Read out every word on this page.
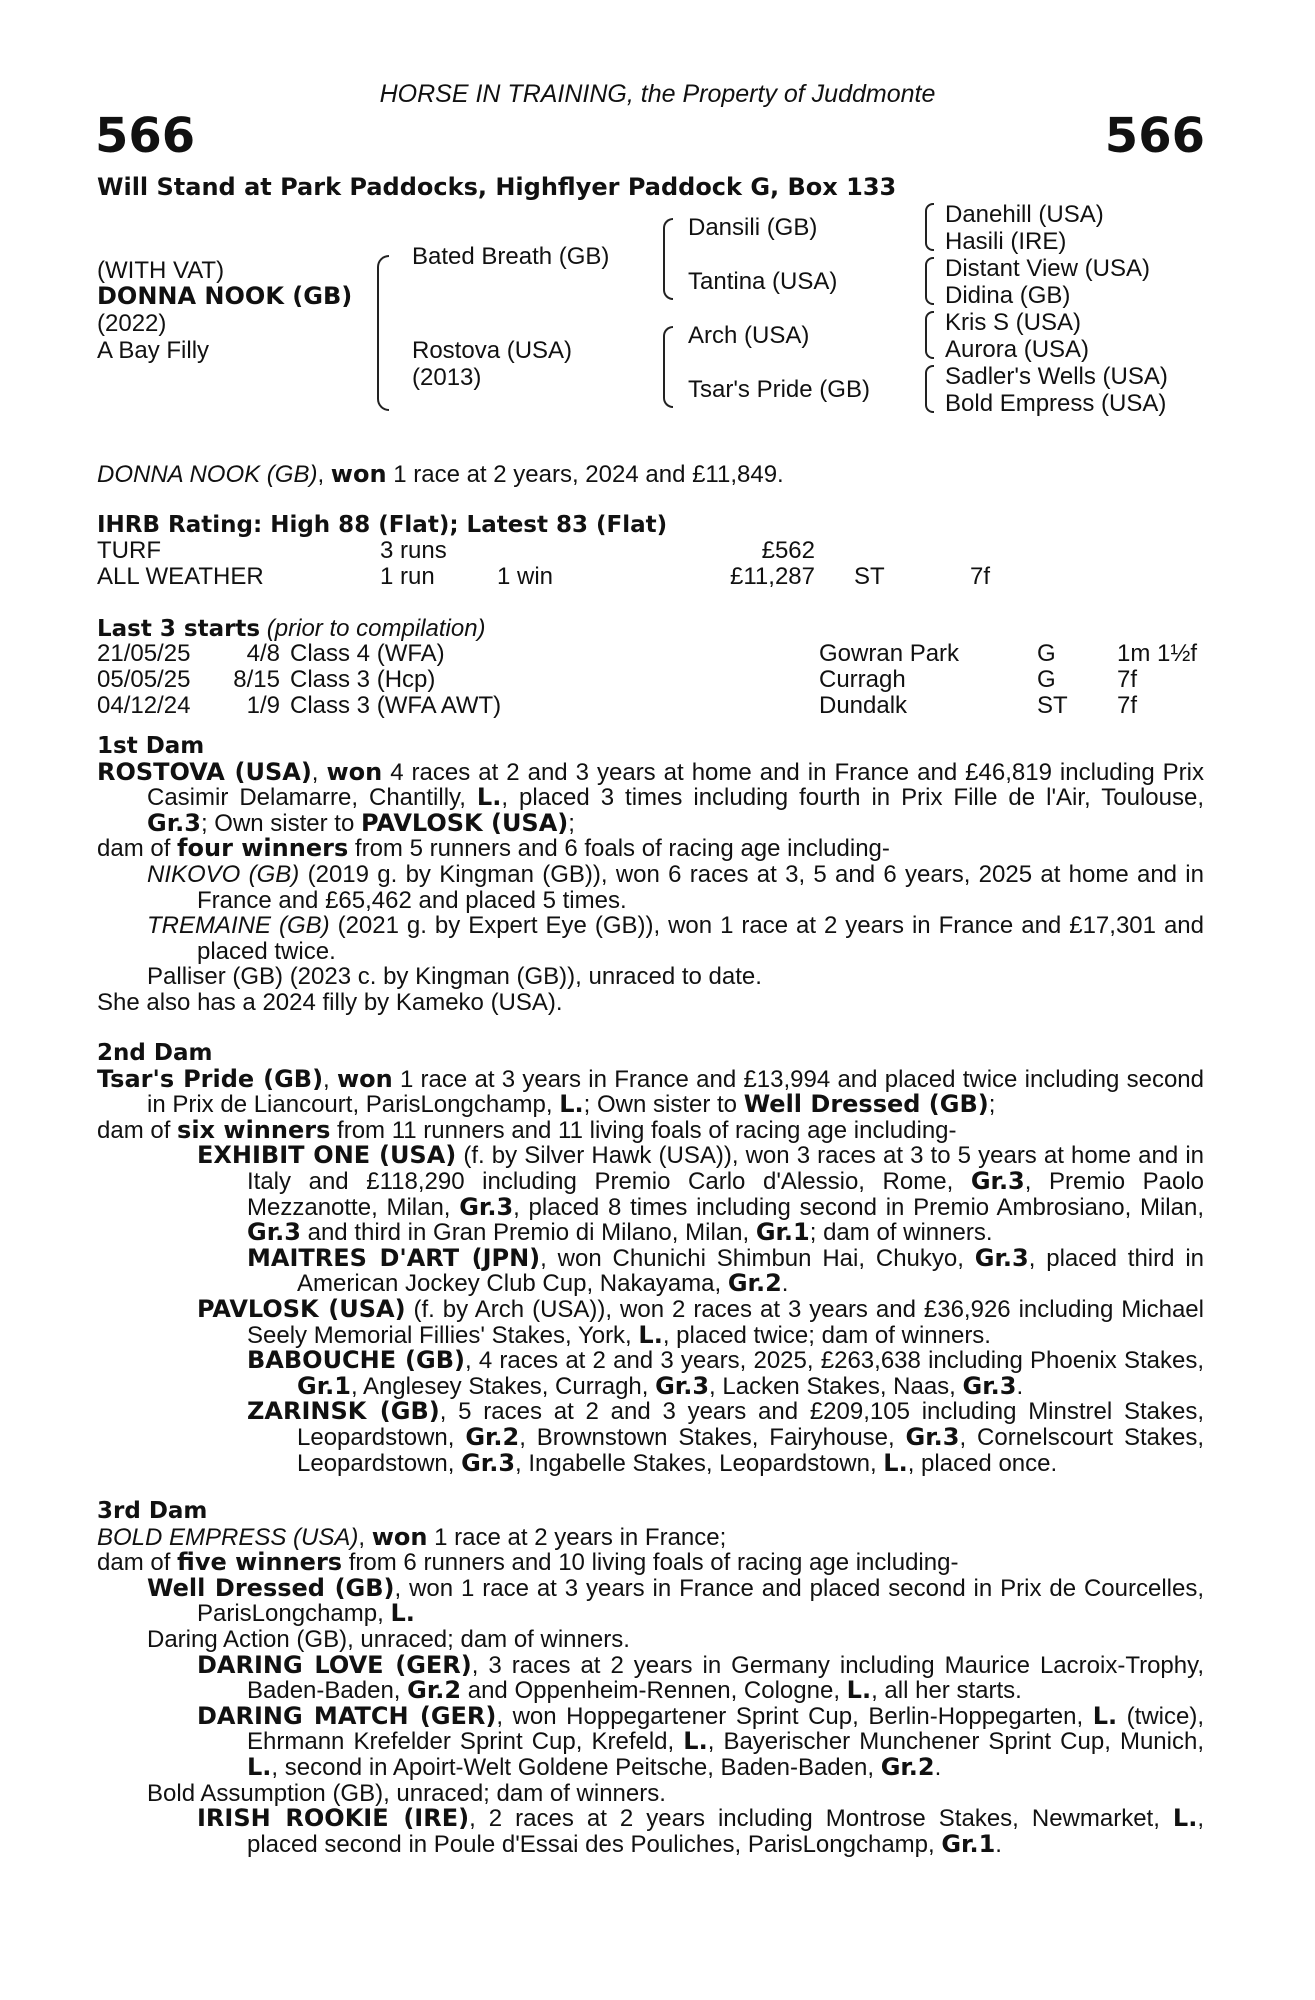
HORSE IN TRAINING, the Property of Juddmonte
566	566
Will Stand at Park Paddocks, Highflyer Paddock G, Box 133
(WITH VAT)
DONNA NOOK (GB)
(2022)
A Bay Filly
Bated Breath (GB)
Rostova (USA)
(2013)
Dansili (GB)
Tantina (USA)
Arch (USA)
Tsar's Pride (GB)
Danehill (USA)
Hasili (IRE)
Distant View (USA)
Didina (GB)
Kris S (USA)
Aurora (USA)
Sadler's Wells (USA)
Bold Empress (USA)

DONNA NOOK (GB), won 1 race at 2 years, 2024 and £11,849.

IHRB Rating: High 88 (Flat); Latest 83 (Flat)
TURF	3 runs	£562
ALL WEATHER	1 run	1 win	£11,287 ST	7f
Last 3 starts (prior to compilation)
21/05/25	4/8 Class 4 (WFA)	Gowran Park	G	1m 1½f
05/05/25	8/15 Class 3 (Hcp)	Curragh	G	7f
04/12/24	1/9 Class 3 (WFA AWT)	Dundalk	ST 7f

1st Dam

ROSTOVA (USA), won 4 races at 2 and 3 years at home and in France and £46,819 including Prix Casimir Delamarre, Chantilly, L., placed 3 times including fourth in Prix Fille de l'Air, Toulouse, Gr.3; Own sister to PAVLOSK (USA);

dam of four winners from 5 runners and 6 foals of racing age including-

NIKOVO (GB) (2019 g. by Kingman (GB)), won 6 races at 3, 5 and 6 years, 2025 at home and in France and £65,462 and placed 5 times.

TREMAINE (GB) (2021 g. by Expert Eye (GB)), won 1 race at 2 years in France and £17,301 and placed twice.

Palliser (GB) (2023 c. by Kingman (GB)), unraced to date.

She also has a 2024 filly by Kameko (USA).

2nd Dam

Tsar's Pride (GB), won 1 race at 3 years in France and £13,994 and placed twice including second in Prix de Liancourt, ParisLongchamp, L.; Own sister to Well Dressed (GB);

dam of six winners from 11 runners and 11 living foals of racing age including-

EXHIBIT ONE (USA) (f. by Silver Hawk (USA)), won 3 races at 3 to 5 years at home and in Italy and £118,290 including Premio Carlo d'Alessio, Rome, Gr.3, Premio Paolo Mezzanotte, Milan, Gr.3, placed 8 times including second in Premio Ambrosiano, Milan, Gr.3 and third in Gran Premio di Milano, Milan, Gr.1; dam of winners.

MAITRES D'ART (JPN), won Chunichi Shimbun Hai, Chukyo, Gr.3, placed third in American Jockey Club Cup, Nakayama, Gr.2.

PAVLOSK (USA) (f. by Arch (USA)), won 2 races at 3 years and £36,926 including Michael Seely Memorial Fillies' Stakes, York, L., placed twice; dam of winners.

BABOUCHE (GB), 4 races at 2 and 3 years, 2025, £263,638 including Phoenix Stakes, Gr.1, Anglesey Stakes, Curragh, Gr.3, Lacken Stakes, Naas, Gr.3.

ZARINSK (GB), 5 races at 2 and 3 years and £209,105 including Minstrel Stakes, Leopardstown, Gr.2, Brownstown Stakes, Fairyhouse, Gr.3, Cornelscourt Stakes, Leopardstown, Gr.3, Ingabelle Stakes, Leopardstown, L., placed once.

3rd Dam

BOLD EMPRESS (USA), won 1 race at 2 years in France;

dam of five winners from 6 runners and 10 living foals of racing age including-

Well Dressed (GB), won 1 race at 3 years in France and placed second in Prix de Courcelles, ParisLongchamp, L.

Daring Action (GB), unraced; dam of winners.

DARING LOVE (GER), 3 races at 2 years in Germany including Maurice Lacroix-Trophy, Baden-Baden, Gr.2 and Oppenheim-Rennen, Cologne, L., all her starts.

DARING MATCH (GER), won Hoppegartener Sprint Cup, Berlin-Hoppegarten, L. (twice), Ehrmann Krefelder Sprint Cup, Krefeld, L., Bayerischer Munchener Sprint Cup, Munich, L., second in Apoirt-Welt Goldene Peitsche, Baden-Baden, Gr.2.

Bold Assumption (GB), unraced; dam of winners.

IRISH ROOKIE (IRE), 2 races at 2 years including Montrose Stakes, Newmarket, L., placed second in Poule d'Essai des Pouliches, ParisLongchamp, Gr.1.
